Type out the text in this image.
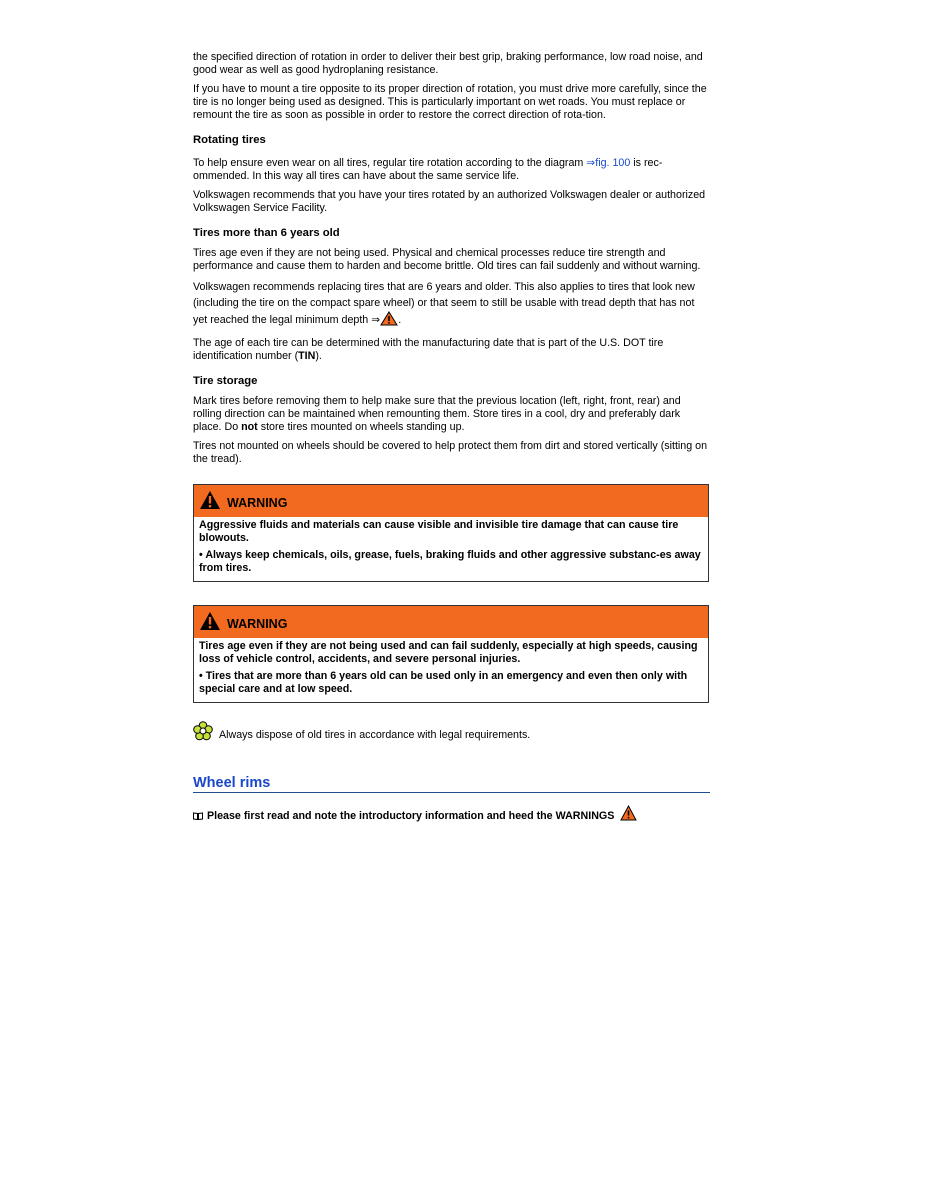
the specified direction of rotation in order to deliver their best grip, braking performance, low road noise, and good wear as well as good hydroplaning resistance.

If you have to mount a tire opposite to its proper direction of rotation, you must drive more carefully, since the tire is no longer being used as designed. This is particularly important on wet roads. You must replace or remount the tire as soon as possible in order to restore the correct direction of rota-tion.

Rotating tires

To help ensure even wear on all tires, regular tire rotation according to the diagram ⇒fig. 100 is rec-ommended. In this way all tires can have about the same service life.

Volkswagen recommends that you have your tires rotated by an authorized Volkswagen dealer or authorized Volkswagen Service Facility.

Tires more than 6 years old

Tires age even if they are not being used. Physical and chemical processes reduce tire strength and performance and cause them to harden and become brittle. Old tires can fail suddenly and without warning.

Volkswagen recommends replacing tires that are 6 years and older. This also applies to tires that look new (including the tire on the compact spare wheel) or that seem to still be usable with tread depth that has not yet reached the legal minimum depth ⇒ .

The age of each tire can be determined with the manufacturing date that is part of the U.S. DOT tire identification number (TIN).

Tire storage

Mark tires before removing them to help make sure that the previous location (left, right, front, rear) and rolling direction can be maintained when remounting them. Store tires in a cool, dry and preferably dark place. Do not store tires mounted on wheels standing up.

Tires not mounted on wheels should be covered to help protect them from dirt and stored vertically (sitting on the tread).

WARNING

Aggressive fluids and materials can cause visible and invisible tire damage that can cause tire blowouts.

• Always keep chemicals, oils, grease, fuels, braking fluids and other aggressive substanc-es away from tires.

WARNING

Tires age even if they are not being used and can fail suddenly, especially at high speeds, causing loss of vehicle control, accidents, and severe personal injuries.

• Tires that are more than 6 years old can be used only in an emergency and even then only with special care and at low speed.

Always dispose of old tires in accordance with legal requirements.
Wheel rims
Please first read and note the introductory information and heed the WARNINGS
